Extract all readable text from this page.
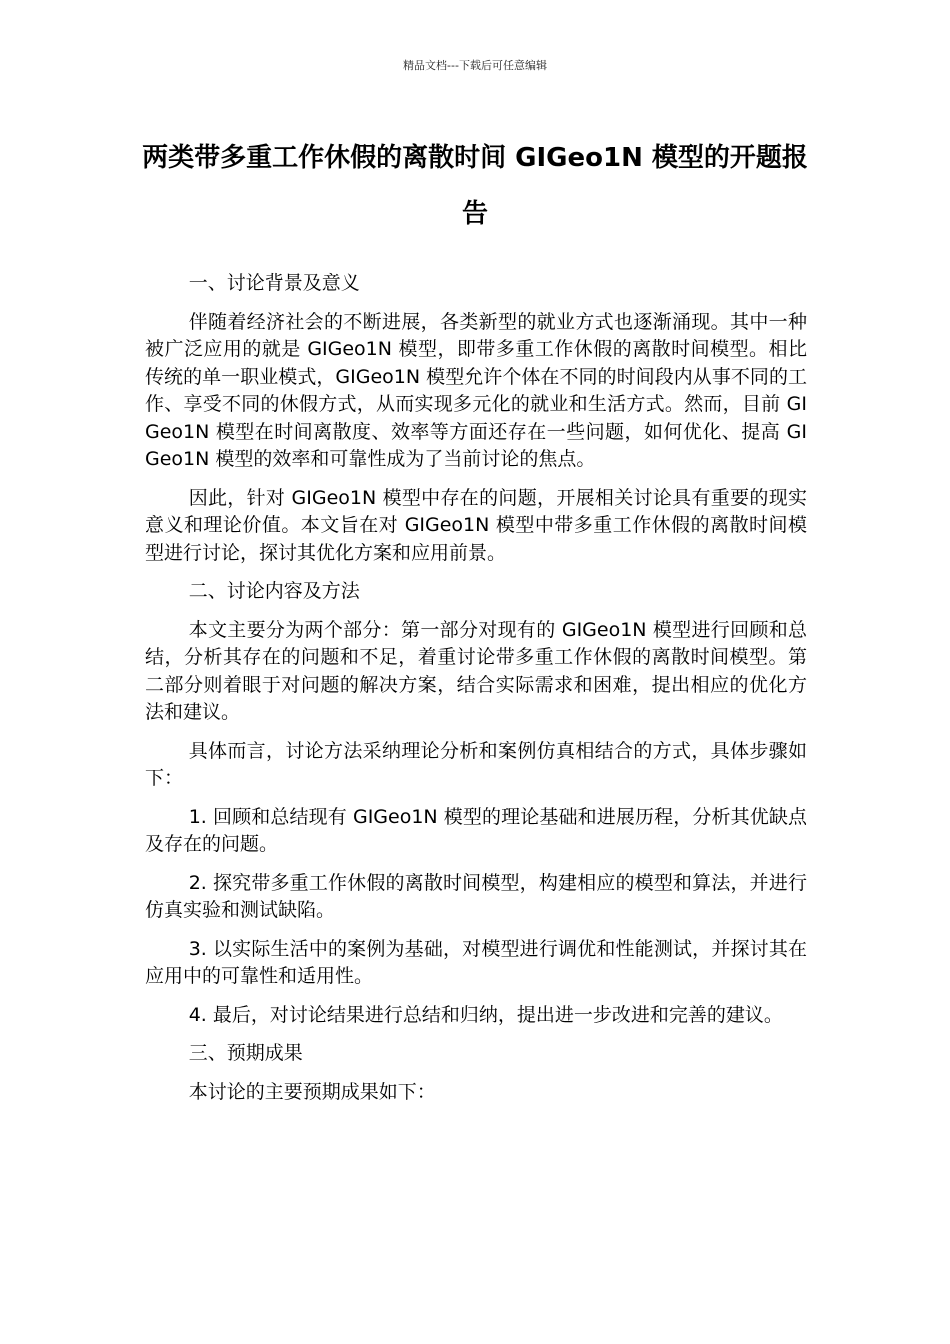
精品文档---下载后可任意编辑
两类带多重工作休假的离散时间 GIGeo1N 模型的开题报告

一、讨论背景及意义

伴随着经济社会的不断进展，各类新型的就业方式也逐渐涌现。其中一种被广泛应用的就是 GIGeo1N 模型，即带多重工作休假的离散时间模型。相比传统的单一职业模式，GIGeo1N 模型允许个体在不同的时间段内从事不同的工作、享受不同的休假方式，从而实现多元化的就业和生活方式。然而，目前 GIGeo1N 模型在时间离散度、效率等方面还存在一些问题，如何优化、提高 GIGeo1N 模型的效率和可靠性成为了当前讨论的焦点。

因此，针对 GIGeo1N 模型中存在的问题，开展相关讨论具有重要的现实意义和理论价值。本文旨在对 GIGeo1N 模型中带多重工作休假的离散时间模型进行讨论，探讨其优化方案和应用前景。

二、讨论内容及方法

本文主要分为两个部分：第一部分对现有的 GIGeo1N 模型进行回顾和总结，分析其存在的问题和不足，着重讨论带多重工作休假的离散时间模型。第二部分则着眼于对问题的解决方案，结合实际需求和困难，提出相应的优化方法和建议。

具体而言，讨论方法采纳理论分析和案例仿真相结合的方式，具体步骤如下：

1. 回顾和总结现有 GIGeo1N 模型的理论基础和进展历程，分析其优缺点及存在的问题。

2. 探究带多重工作休假的离散时间模型，构建相应的模型和算法，并进行仿真实验和测试缺陷。

3. 以实际生活中的案例为基础，对模型进行调优和性能测试，并探讨其在应用中的可靠性和适用性。

4. 最后，对讨论结果进行总结和归纳，提出进一步改进和完善的建议。

三、预期成果

本讨论的主要预期成果如下：
